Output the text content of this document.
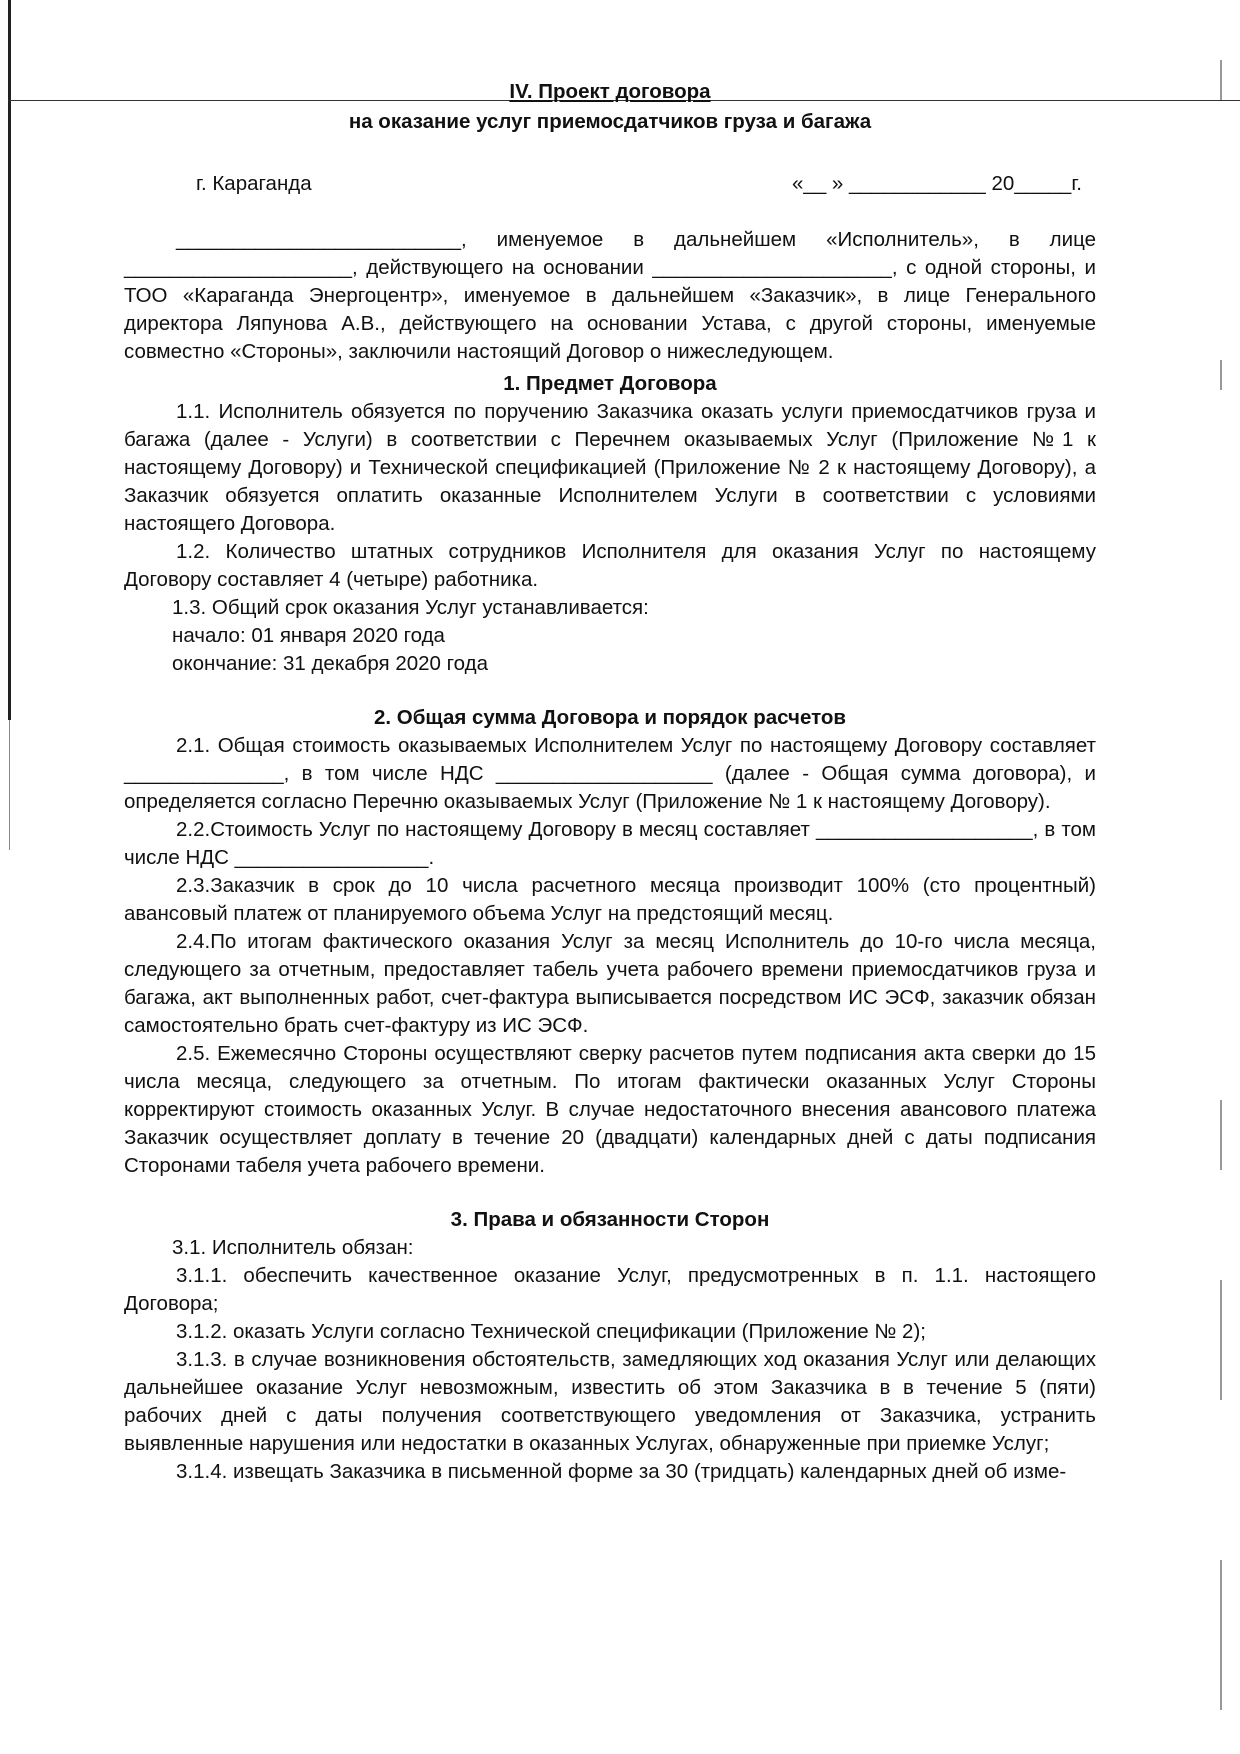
IV. Проект договора
на оказание услуг приемосдатчиков груза и багажа
г. Караганда	«__ » ____________ 20_____г.

_________________________, именуемое в дальнейшем «Исполнитель», в лице ____________________, действующего на основании _____________________, с одной стороны, и ТОО «Караганда Энергоцентр», именуемое в дальнейшем «Заказчик», в лице Генерального директора Ляпунова А.В., действующего на основании Устава, с другой стороны, именуемые совместно «Стороны», заключили настоящий Договор о нижеследующем.

1. Предмет Договора

1.1. Исполнитель обязуется по поручению Заказчика оказать услуги приемосдатчиков груза и багажа (далее - Услуги) в соответствии с Перечнем оказываемых Услуг (Приложение №1 к настоящему Договору) и Технической спецификацией (Приложение № 2 к настоящему Договору), а Заказчик обязуется оплатить оказанные Исполнителем Услуги в соответствии с условиями настоящего Договора.

1.2. Количество штатных сотрудников Исполнителя для оказания Услуг по настоящему Договору составляет 4 (четыре) работника.

1.3. Общий срок оказания Услуг устанавливается:

начало: 01 января 2020 года

окончание: 31 декабря 2020 года

2. Общая сумма Договора и порядок расчетов

2.1. Общая стоимость оказываемых Исполнителем Услуг по настоящему Договору составляет ______________, в том числе НДС ___________________ (далее - Общая сумма договора), и определяется согласно Перечню оказываемых Услуг (Приложение № 1 к настоящему Договору).

2.2.Стоимость Услуг по настоящему Договору в месяц составляет ___________________, в том числе НДС _________________.

2.3.Заказчик в срок до 10 числа расчетного месяца производит 100% (сто процентный) авансовый платеж от планируемого объема Услуг на предстоящий месяц.

2.4.По итогам фактического оказания Услуг за месяц Исполнитель до 10-го числа месяца, следующего за отчетным, предоставляет табель учета рабочего времени приемосдатчиков груза и багажа, акт выполненных работ, счет-фактура выписывается посредством ИС ЭСФ, заказчик обязан самостоятельно брать счет-фактуру из ИС ЭСФ.

2.5. Ежемесячно Стороны осуществляют сверку расчетов путем подписания акта сверки до 15 числа месяца, следующего за отчетным. По итогам фактически оказанных Услуг Стороны корректируют стоимость оказанных Услуг. В случае недостаточного внесения авансового платежа Заказчик осуществляет доплату в течение 20 (двадцати) календарных дней с даты подписания Сторонами табеля учета рабочего времени.

3. Права и обязанности Сторон

3.1. Исполнитель обязан:

3.1.1. обеспечить качественное оказание Услуг, предусмотренных в п. 1.1. настоящего Договора;

3.1.2. оказать Услуги согласно Технической спецификации (Приложение № 2);

3.1.3. в случае возникновения обстоятельств, замедляющих ход оказания Услуг или делающих дальнейшее оказание Услуг невозможным, известить об этом Заказчика в в течение 5 (пяти) рабочих дней с даты получения соответствующего уведомления от Заказчика, устранить выявленные нарушения или недостатки в оказанных Услугах, обнаруженные при приемке Услуг;

3.1.4. извещать Заказчика в письменной форме за 30 (тридцать) календарных дней об изме-
